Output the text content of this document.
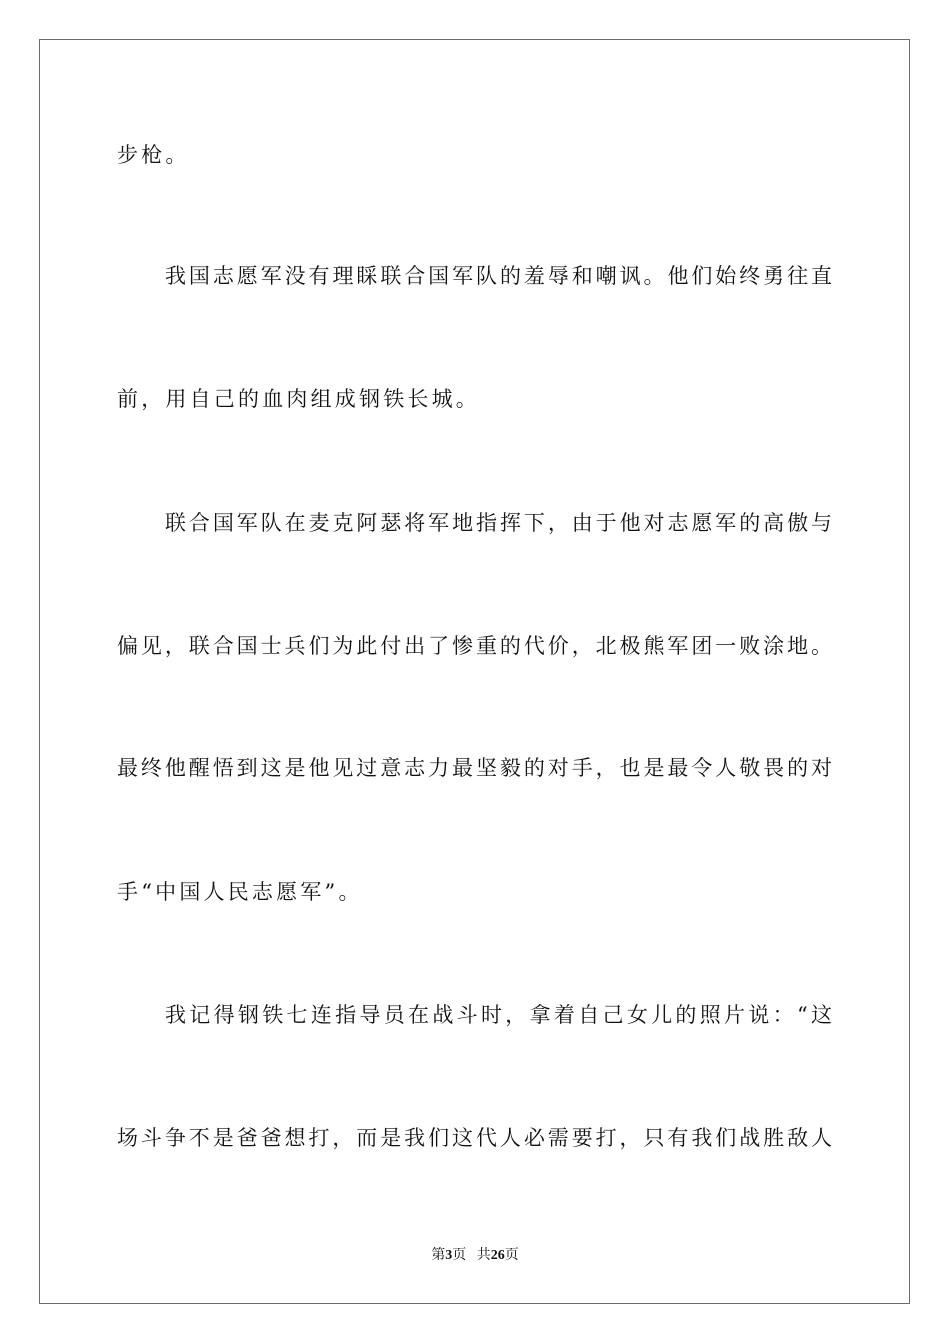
步枪。
我国志愿军没有理睬联合国军队的羞辱和嘲讽。他们始终勇往直
前，用自己的血肉组成钢铁长城。
联合国军队在麦克阿瑟将军地指挥下，由于他对志愿军的高傲与
偏见，联合国士兵们为此付出了惨重的代价，北极熊军团一败涂地。
最终他醒悟到这是他见过意志力最坚毅的对手，也是最令人敬畏的对
手“中国人民志愿军”。
我记得钢铁七连指导员在战斗时，拿着自己女儿的照片说：“这
场斗争不是爸爸想打，而是我们这代人必需要打，只有我们战胜敌人
第3页 共26页
